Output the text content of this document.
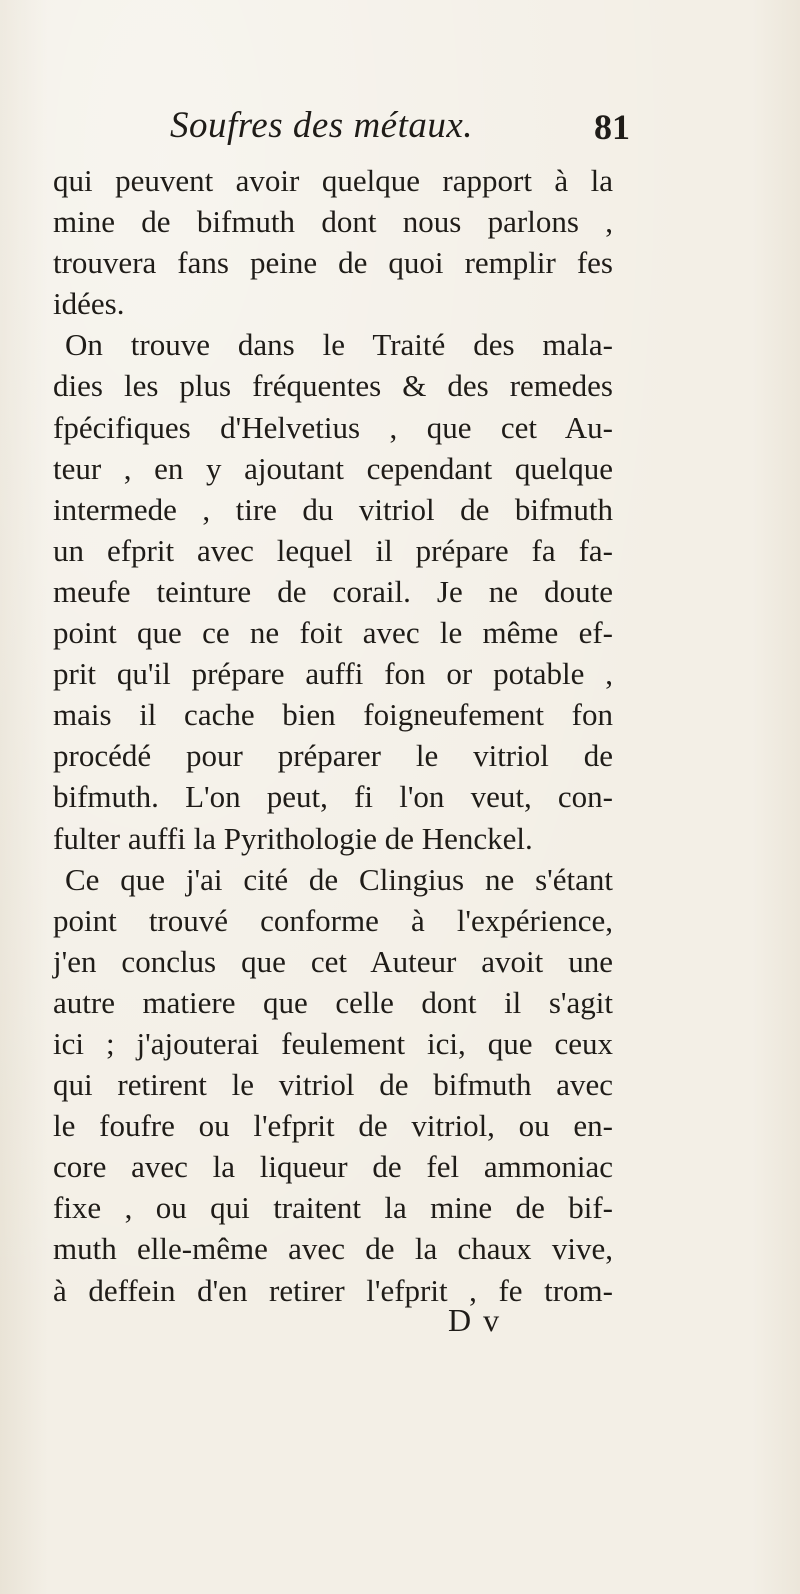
Soufres des métaux.	81
qui peuvent avoir quelque rapport à la
mine de bifmuth dont nous parlons ,
trouvera fans peine de quoi remplir fes
idées.
On trouve dans le Traité des mala-
dies les plus fréquentes & des remedes
fpécifiques d'Helvetius , que cet Au-
teur , en y ajoutant cependant quelque
intermede , tire du vitriol de bifmuth
un efprit avec lequel il prépare fa fa-
meufe teinture de corail. Je ne doute
point que ce ne foit avec le même ef-
prit qu'il prépare auffi fon or potable ,
mais il cache bien foigneufement fon
procédé pour préparer le vitriol de
bifmuth. L'on peut, fi l'on veut, con-
fulter auffi la Pyrithologie de Henckel.
Ce que j'ai cité de Clingius ne s'étant
point trouvé conforme à l'expérience,
j'en conclus que cet Auteur avoit une
autre matiere que celle dont il s'agit
ici ; j'ajouterai feulement ici, que ceux
qui retirent le vitriol de bifmuth avec
le foufre ou l'efprit de vitriol, ou en-
core avec la liqueur de fel ammoniac
fixe , ou qui traitent la mine de bif-
muth elle-même avec de la chaux vive,
à deffein d'en retirer l'efprit , fe trom-
D v
